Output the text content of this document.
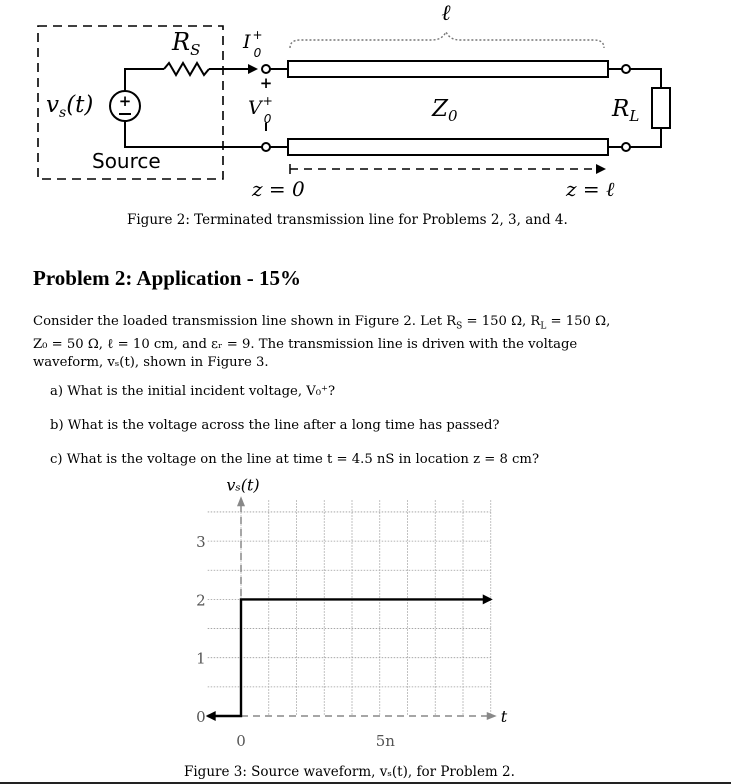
+
+
ℓ
$R_S$ I + 0
V+ 0
$v_s(t)$	$Z_0$	$R_L$
Source
z = 0	z = ℓ
Figure 2: Terminated transmission line for Problems 2, 3, and 4.
Problem 2: Application - 15%
Consider the loaded transmission line shown in Figure 2. Let $R_S = 150$ Ω, $R_L = 150$ Ω,
Z₀ = 50 Ω, ℓ = 10 cm, and εᵣ = 9. The transmission line is driven with the voltage
waveform, vₛ(t), shown in Figure 3.
a) What is the initial incident voltage, V₀⁺?
b) What is the voltage across the line after a long time has passed?
c) What is the voltage on the line at time t = 4.5 nS in location z = 8 cm?
0
1
2
3
0	5n
vₛ(t)
t
Figure 3: Source waveform, vₛ(t), for Problem 2.
